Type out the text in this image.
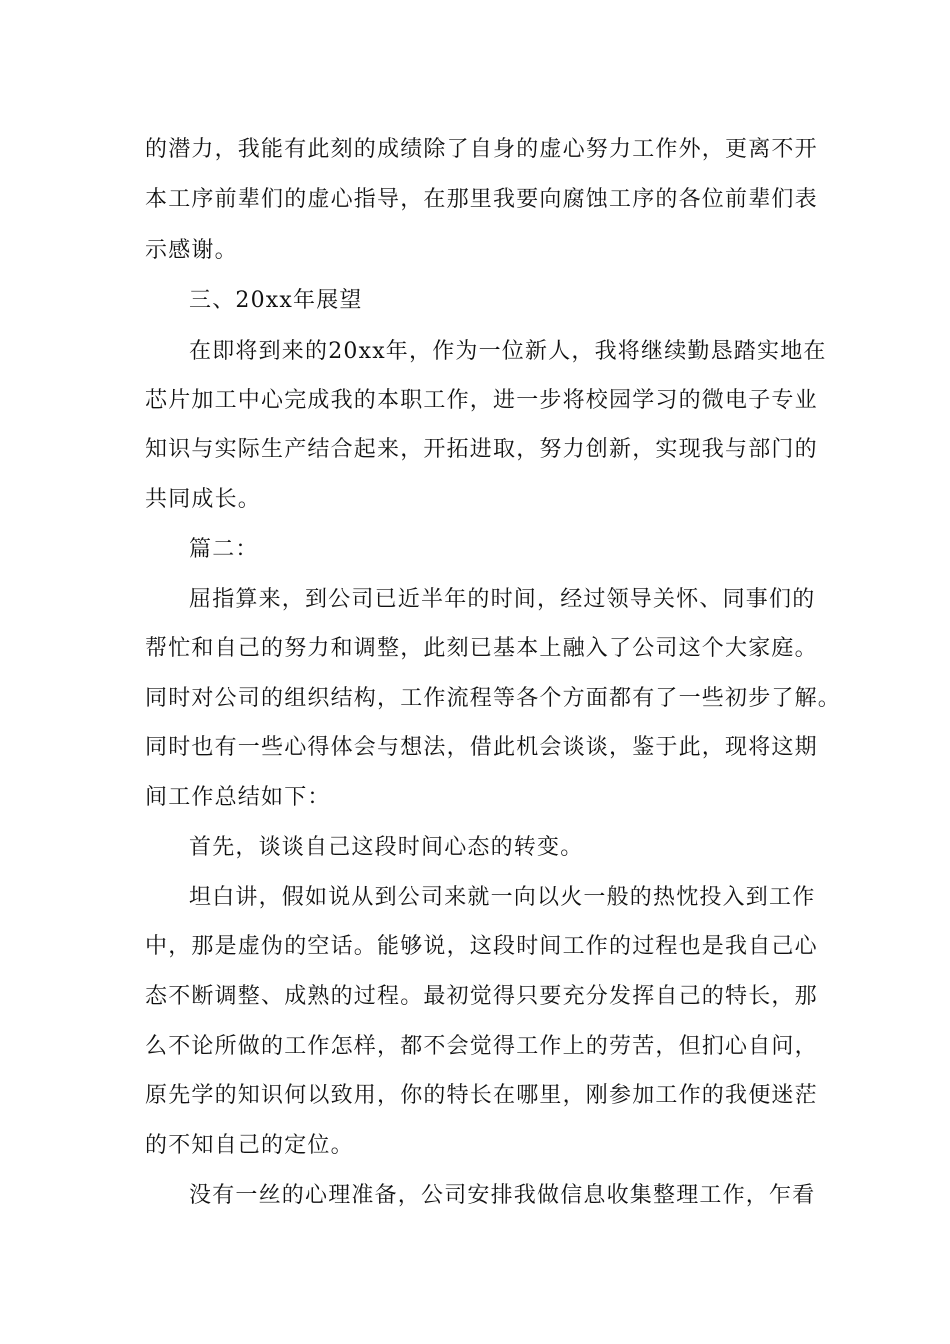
的潜力，我能有此刻的成绩除了自身的虚心努力工作外，更离不开
本工序前辈们的虚心指导，在那里我要向腐蚀工序的各位前辈们表
示感谢。
三、20xx年展望
在即将到来的20xx年，作为一位新人，我将继续勤恳踏实地在
芯片加工中心完成我的本职工作，进一步将校园学习的微电子专业
知识与实际生产结合起来，开拓进取，努力创新，实现我与部门的
共同成长。
篇二：
屈指算来，到公司已近半年的时间，经过领导关怀、同事们的
帮忙和自己的努力和调整，此刻已基本上融入了公司这个大家庭。
同时对公司的组织结构，工作流程等各个方面都有了一些初步了解。
同时也有一些心得体会与想法，借此机会谈谈，鉴于此，现将这期
间工作总结如下：
首先，谈谈自己这段时间心态的转变。
坦白讲，假如说从到公司来就一向以火一般的热忱投入到工作
中，那是虚伪的空话。能够说，这段时间工作的过程也是我自己心
态不断调整、成熟的过程。最初觉得只要充分发挥自己的特长，那
么不论所做的工作怎样，都不会觉得工作上的劳苦，但扪心自问，
原先学的知识何以致用，你的特长在哪里，刚参加工作的我便迷茫
的不知自己的定位。
没有一丝的心理准备，公司安排我做信息收集整理工作，乍看
